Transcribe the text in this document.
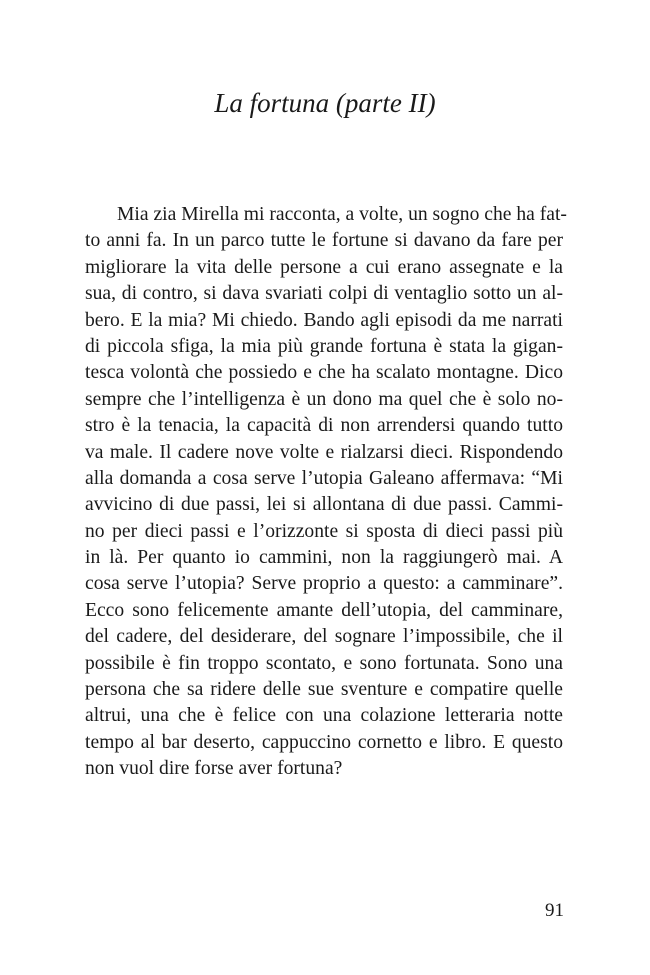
La fortuna (parte II)
Mia zia Mirella mi racconta, a volte, un sogno che ha fat-
to anni fa. In un parco tutte le fortune si davano da fare per
migliorare la vita delle persone a cui erano assegnate e la
sua, di contro, si dava svariati colpi di ventaglio sotto un al-
bero. E la mia? Mi chiedo. Bando agli episodi da me narrati
di piccola sfiga, la mia più grande fortuna è stata la gigan-
tesca volontà che possiedo e che ha scalato montagne. Dico
sempre che l’intelligenza è un dono ma quel che è solo no-
stro è la tenacia, la capacità di non arrendersi quando tutto
va male. Il cadere nove volte e rialzarsi dieci. Rispondendo
alla domanda a cosa serve l’utopia Galeano affermava: “Mi
avvicino di due passi, lei si allontana di due passi. Cammi-
no per dieci passi e l’orizzonte si sposta di dieci passi più
in là. Per quanto io cammini, non la raggiungerò mai. A
cosa serve l’utopia? Serve proprio a questo: a camminare”.
Ecco sono felicemente amante dell’utopia, del camminare,
del cadere, del desiderare, del sognare l’impossibile, che il
possibile è fin troppo scontato, e sono fortunata. Sono una
persona che sa ridere delle sue sventure e compatire quelle
altrui, una che è felice con una colazione letteraria notte
tempo al bar deserto, cappuccino cornetto e libro. E questo
non vuol dire forse aver fortuna?
91
